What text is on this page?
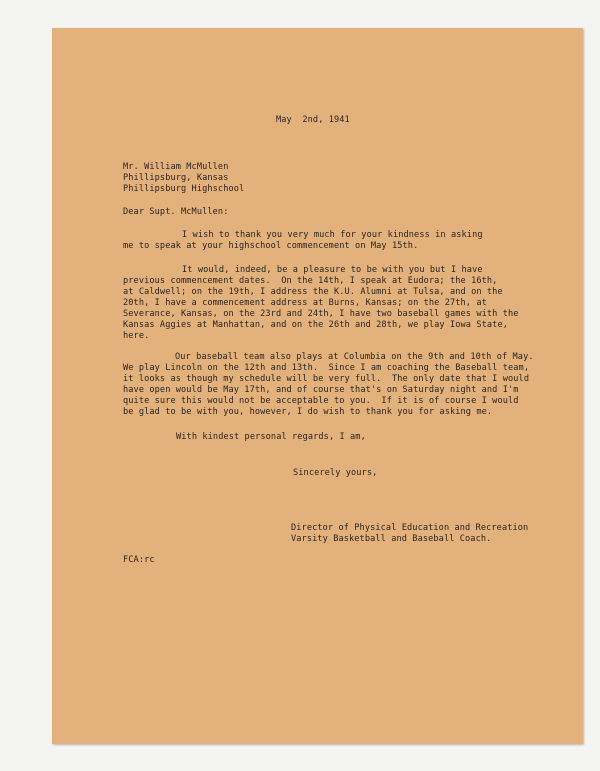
May  2nd, 1941
Mr. William McMullen
Phillipsburg, Kansas
Phillipsburg Highschool
Dear Supt. McMullen:
I wish to thank you very much for your kindness in asking
me to speak at your highschool commencement on May 15th.
It would, indeed, be a pleasure to be with you but I have
previous commencement dates.  On the 14th, I speak at Eudora; the 16th,
at Caldwell; on the 19th, I address the K.U. Alumni at Tulsa, and on the
20th, I have a commencement address at Burns, Kansas; on the 27th, at
Severance, Kansas, on the 23rd and 24th, I have two baseball games with the
Kansas Aggies at Manhattan, and on the 26th and 28th, we play Iowa State,
here.
Our baseball team also plays at Columbia on the 9th and 10th of May.
We play Lincoln on the 12th and 13th.  Since I am coaching the Baseball team,
it looks as though my schedule will be very full.  The only date that I would
have open would be May 17th, and of course that's on Saturday night and I'm
quite sure this would not be acceptable to you.  If it is of course I would
be glad to be with you, however, I do wish to thank you for asking me.
With kindest personal regards, I am,
Sincerely yours,
Director of Physical Education and Recreation
Varsity Basketball and Baseball Coach.
FCA:rc
